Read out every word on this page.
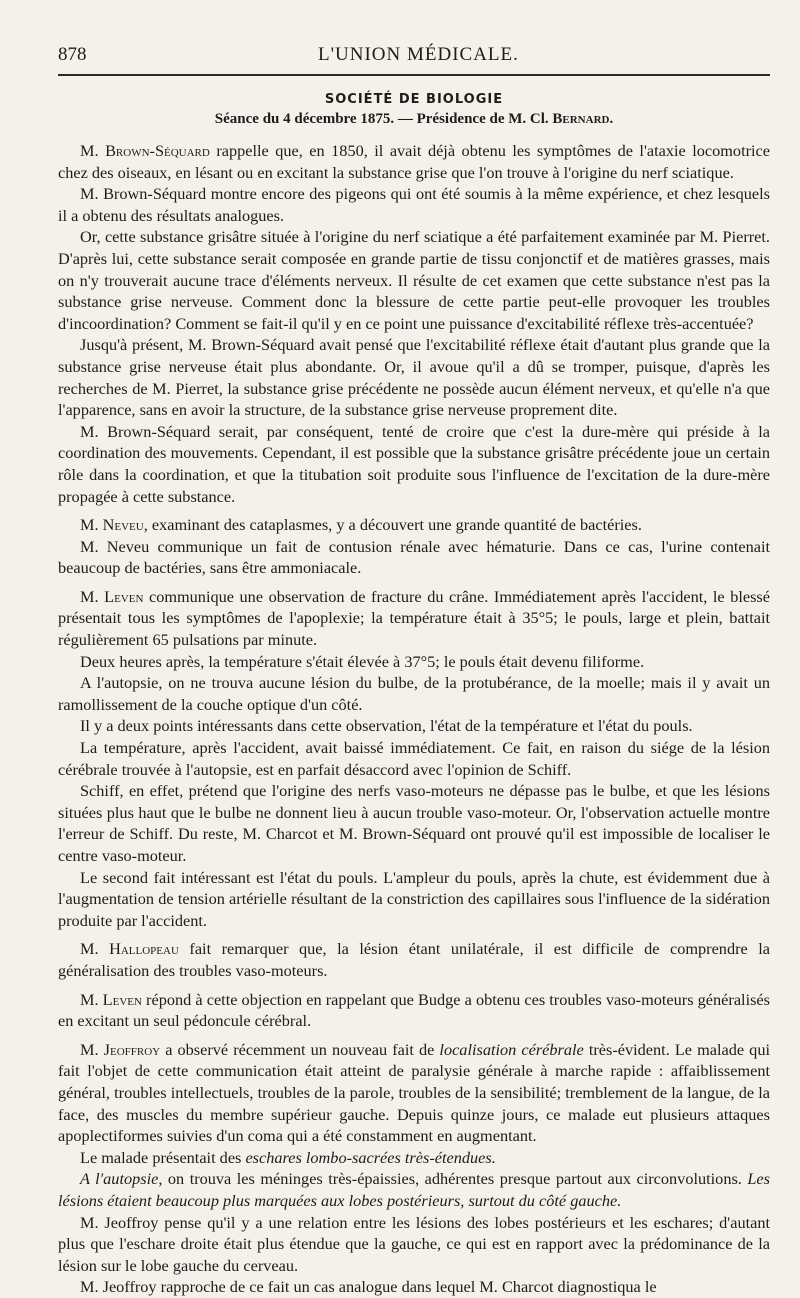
878	L'UNION MÉDICALE.
SOCIÉTÉ DE BIOLOGIE
Séance du 4 décembre 1875. — Présidence de M. Cl. Bernard.

M. Brown-Séquard rappelle que, en 1850, il avait déjà obtenu les symptômes de l'ataxie locomotrice chez des oiseaux, en lésant ou en excitant la substance grise que l'on trouve à l'origine du nerf sciatique.

M. Brown-Séquard montre encore des pigeons qui ont été soumis à la même expérience, et chez lesquels il a obtenu des résultats analogues.

Or, cette substance grisâtre située à l'origine du nerf sciatique a été parfaitement examinée par M. Pierret. D'après lui, cette substance serait composée en grande partie de tissu conjonctif et de matières grasses, mais on n'y trouverait aucune trace d'éléments nerveux. Il résulte de cet examen que cette substance n'est pas la substance grise nerveuse. Comment donc la blessure de cette partie peut-elle provoquer les troubles d'incoordination? Comment se fait-il qu'il y en ce point une puissance d'excitabilité réflexe très-accentuée?

Jusqu'à présent, M. Brown-Séquard avait pensé que l'excitabilité réflexe était d'autant plus grande que la substance grise nerveuse était plus abondante. Or, il avoue qu'il a dû se tromper, puisque, d'après les recherches de M. Pierret, la substance grise précédente ne possède aucun élément nerveux, et qu'elle n'a que l'apparence, sans en avoir la structure, de la substance grise nerveuse proprement dite.

M. Brown-Séquard serait, par conséquent, tenté de croire que c'est la dure-mère qui préside à la coordination des mouvements. Cependant, il est possible que la substance grisâtre précédente joue un certain rôle dans la coordination, et que la titubation soit produite sous l'influence de l'excitation de la dure-mère propagée à cette substance.

M. Neveu, examinant des cataplasmes, y a découvert une grande quantité de bactéries.

M. Neveu communique un fait de contusion rénale avec hématurie. Dans ce cas, l'urine contenait beaucoup de bactéries, sans être ammoniacale.

M. Leven communique une observation de fracture du crâne. Immédiatement après l'accident, le blessé présentait tous les symptômes de l'apoplexie; la température était à 35°5; le pouls, large et plein, battait régulièrement 65 pulsations par minute.

Deux heures après, la température s'était élevée à 37°5; le pouls était devenu filiforme.

A l'autopsie, on ne trouva aucune lésion du bulbe, de la protubérance, de la moelle; mais il y avait un ramollissement de la couche optique d'un côté.

Il y a deux points intéressants dans cette observation, l'état de la température et l'état du pouls.

La température, après l'accident, avait baissé immédiatement. Ce fait, en raison du siége de la lésion cérébrale trouvée à l'autopsie, est en parfait désaccord avec l'opinion de Schiff.

Schiff, en effet, prétend que l'origine des nerfs vaso-moteurs ne dépasse pas le bulbe, et que les lésions situées plus haut que le bulbe ne donnent lieu à aucun trouble vaso-moteur. Or, l'observation actuelle montre l'erreur de Schiff. Du reste, M. Charcot et M. Brown-Séquard ont prouvé qu'il est impossible de localiser le centre vaso-moteur.

Le second fait intéressant est l'état du pouls. L'ampleur du pouls, après la chute, est évidemment due à l'augmentation de tension artérielle résultant de la constriction des capillaires sous l'influence de la sidération produite par l'accident.

M. Hallopeau fait remarquer que, la lésion étant unilatérale, il est difficile de comprendre la généralisation des troubles vaso-moteurs.

M. Leven répond à cette objection en rappelant que Budge a obtenu ces troubles vaso-moteurs généralisés en excitant un seul pédoncule cérébral.

M. Jeoffroy a observé récemment un nouveau fait de localisation cérébrale très-évident. Le malade qui fait l'objet de cette communication était atteint de paralysie générale à marche rapide : affaiblissement général, troubles intellectuels, troubles de la parole, troubles de la sensibilité; tremblement de la langue, de la face, des muscles du membre supérieur gauche. Depuis quinze jours, ce malade eut plusieurs attaques apoplectiformes suivies d'un coma qui a été constamment en augmentant.

Le malade présentait des eschares lombo-sacrées très-étendues.

A l'autopsie, on trouva les méninges très-épaissies, adhérentes presque partout aux circonvolutions. Les lésions étaient beaucoup plus marquées aux lobes postérieurs, surtout du côté gauche.

M. Jeoffroy pense qu'il y a une relation entre les lésions des lobes postérieurs et les eschares; d'autant plus que l'eschare droite était plus étendue que la gauche, ce qui est en rapport avec la prédominance de la lésion sur le lobe gauche du cerveau.

M. Jeoffroy rapproche de ce fait un cas analogue dans lequel M. Charcot diagnostiqua le
